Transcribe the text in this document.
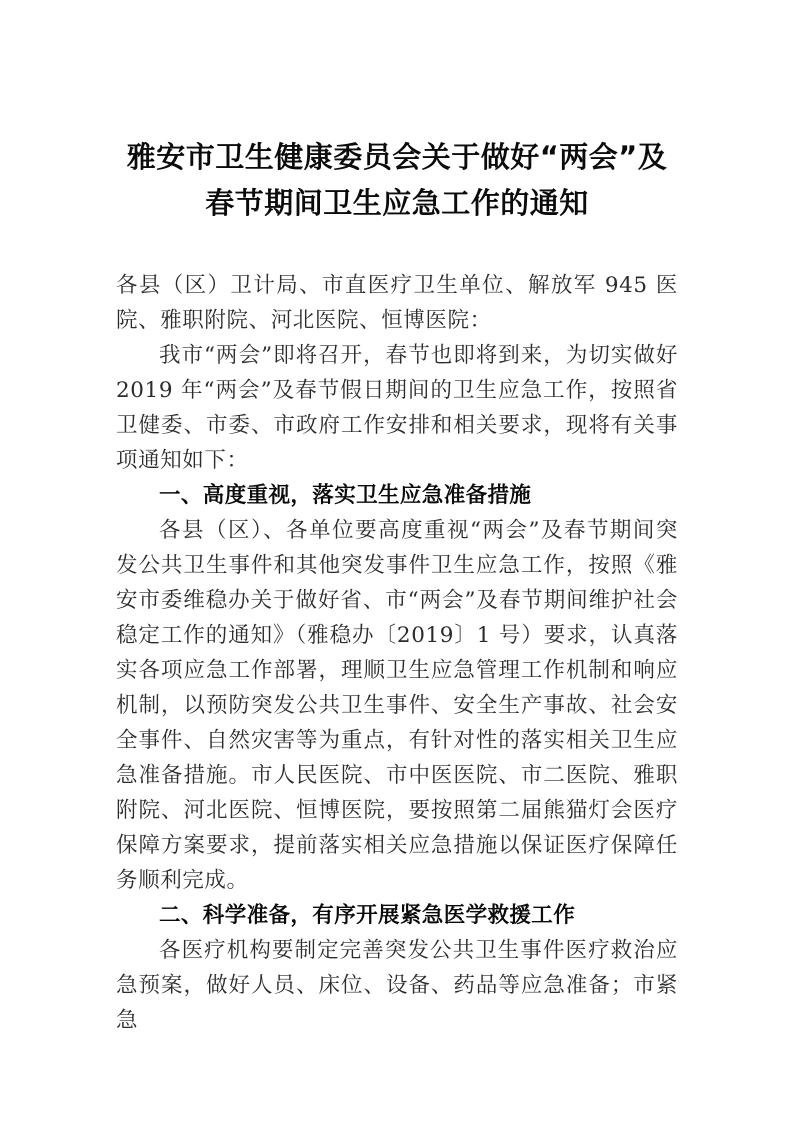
雅安市卫生健康委员会关于做好“两会”及
春节期间卫生应急工作的通知

各县（区）卫计局、市直医疗卫生单位、解放军 945 医院、雅职附院、河北医院、恒博医院：

我市“两会”即将召开，春节也即将到来，为切实做好 2019 年“两会”及春节假日期间的卫生应急工作，按照省卫健委、市委、市政府工作安排和相关要求，现将有关事项通知如下：

一、高度重视，落实卫生应急准备措施

各县（区）、各单位要高度重视“两会”及春节期间突发公共卫生事件和其他突发事件卫生应急工作，按照《雅安市委维稳办关于做好省、市“两会”及春节期间维护社会稳定工作的通知》（雅稳办〔2019〕1 号）要求，认真落实各项应急工作部署，理顺卫生应急管理工作机制和响应机制，以预防突发公共卫生事件、安全生产事故、社会安全事件、自然灾害等为重点，有针对性的落实相关卫生应急准备措施。市人民医院、市中医医院、市二医院、雅职附院、河北医院、恒博医院，要按照第二届熊猫灯会医疗保障方案要求，提前落实相关应急措施以保证医疗保障任务顺利完成。

二、科学准备，有序开展紧急医学救援工作

各医疗机构要制定完善突发公共卫生事件医疗救治应急预案，做好人员、床位、设备、药品等应急准备；市紧急
